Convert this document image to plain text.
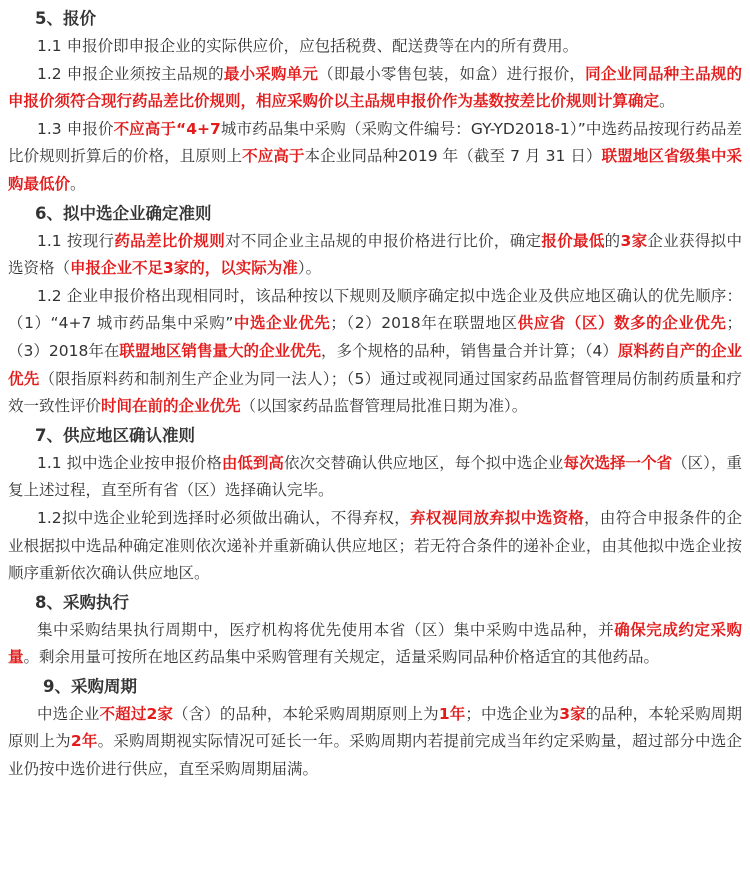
5、报价

1.1 申报价即申报企业的实际供应价，应包括税费、配送费等在内的所有费用。

1.2 申报企业须按主品规的最小采购单元（即最小零售包装，如盒）进行报价，同企业同品种主品规的申报价须符合现行药品差比价规则，相应采购价以主品规申报价作为基数按差比价规则计算确定。

1.3 申报价不应高于“4+7城市药品集中采购（采购文件编号：GY-YD2018-1）”中选药品按现行药品差比价规则折算后的价格，且原则上不应高于本企业同品种2019 年（截至 7 月 31 日）联盟地区省级集中采购最低价。

6、拟中选企业确定准则

1.1 按现行药品差比价规则对不同企业主品规的申报价格进行比价，确定报价最低的3家企业获得拟中选资格（申报企业不足3家的，以实际为准）。

1.2 企业申报价格出现相同时，该品种按以下规则及顺序确定拟中选企业及供应地区确认的优先顺序：（1）“4+7 城市药品集中采购”中选企业优先；（2）2018年在联盟地区供应省（区）数多的企业优先；（3）2018年在联盟地区销售量大的企业优先，多个规格的品种，销售量合并计算；（4）原料药自产的企业优先（限指原料药和制剂生产企业为同一法人）；（5）通过或视同通过国家药品监督管理局仿制药质量和疗效一致性评价时间在前的企业优先（以国家药品监督管理局批准日期为准）。

7、供应地区确认准则

1.1 拟中选企业按申报价格由低到高依次交替确认供应地区，每个拟中选企业每次选择一个省（区），重复上述过程，直至所有省（区）选择确认完毕。

1.2拟中选企业轮到选择时必须做出确认，不得弃权，弃权视同放弃拟中选资格，由符合申报条件的企业根据拟中选品种确定准则依次递补并重新确认供应地区；若无符合条件的递补企业，由其他拟中选企业按顺序重新依次确认供应地区。

8、采购执行

集中采购结果执行周期中，医疗机构将优先使用本省（区）集中采购中选品种，并确保完成约定采购量。剩余用量可按所在地区药品集中采购管理有关规定，适量采购同品种价格适宜的其他药品。

9、采购周期

中选企业不超过2家（含）的品种，本轮采购周期原则上为1年；中选企业为3家的品种，本轮采购周期原则上为2年。采购周期视实际情况可延长一年。采购周期内若提前完成当年约定采购量，超过部分中选企业仍按中选价进行供应，直至采购周期届满。
